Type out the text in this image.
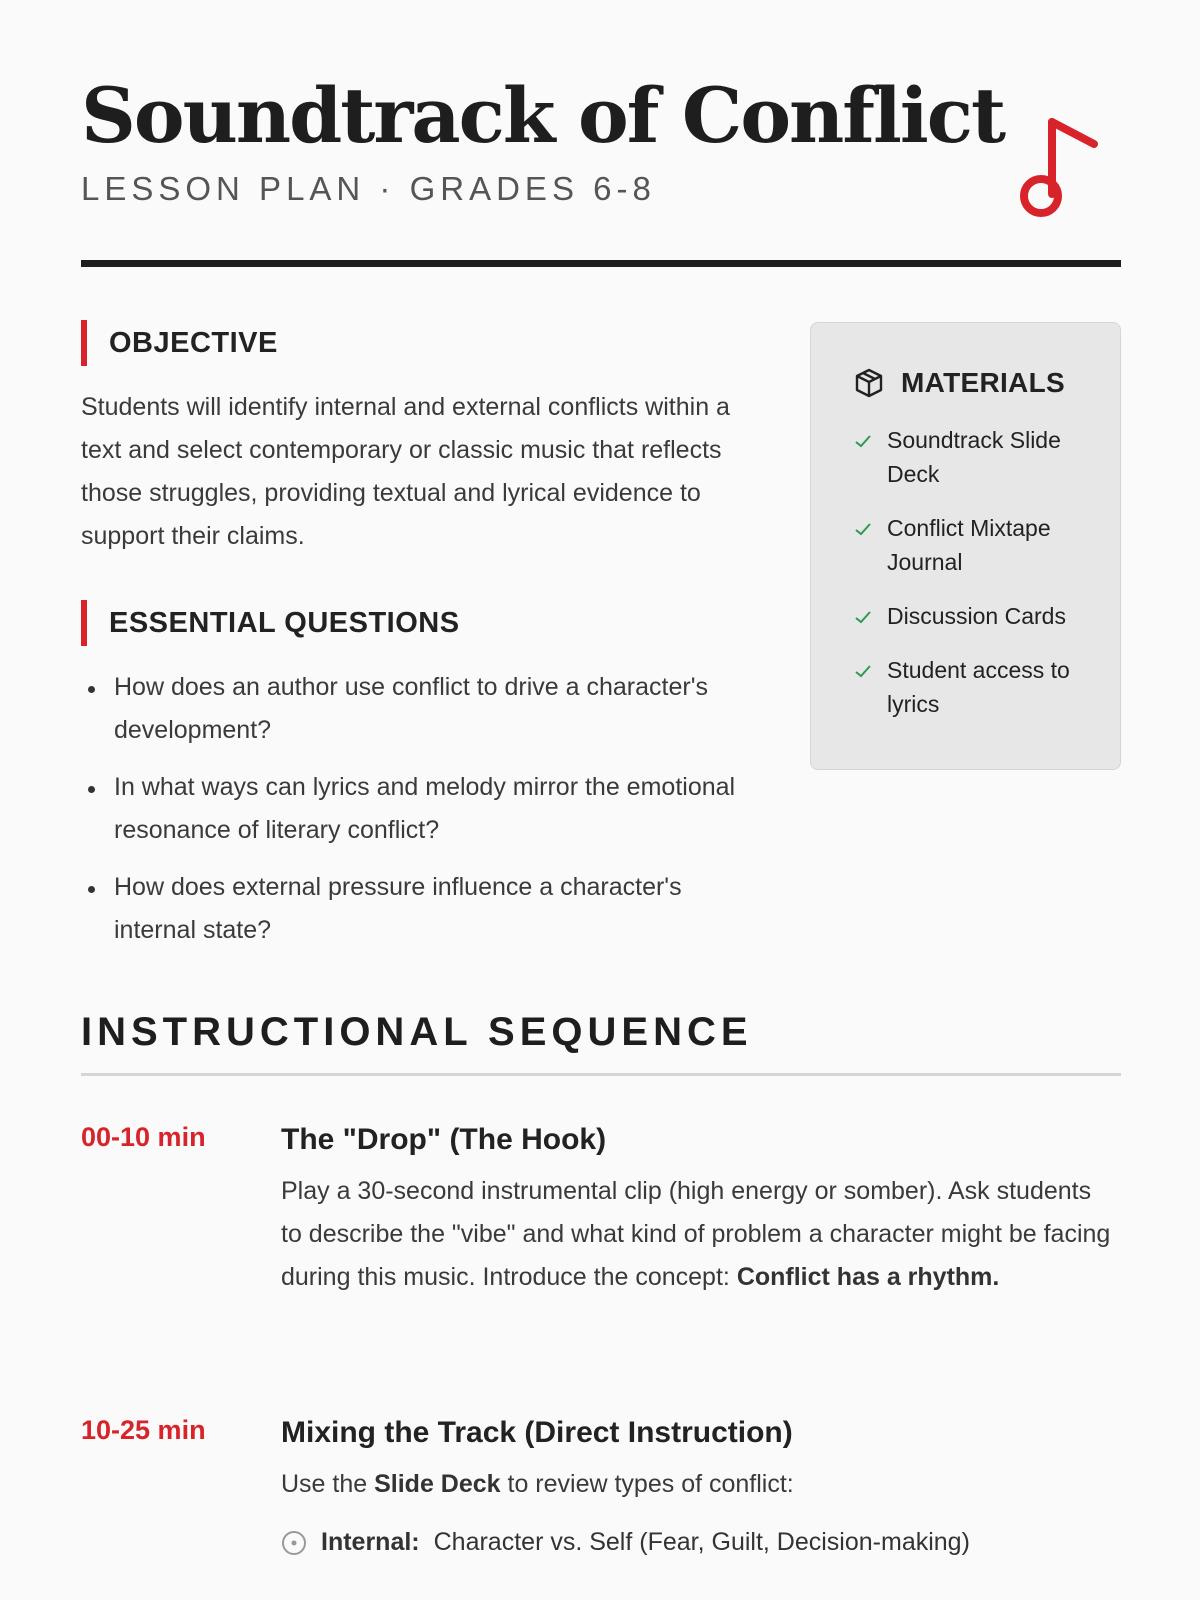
Soundtrack of Conflict
LESSON PLAN · GRADES 6-8
OBJECTIVE

Students will identify internal and external conflicts within a text and select contemporary or classic music that reflects those struggles, providing textual and lyrical evidence to support their claims.

ESSENTIAL QUESTIONS
How does an author use conflict to drive a character's development?
In what ways can lyrics and melody mirror the emotional resonance of literary conflict?
How does external pressure influence a character's internal state?
MATERIALS
Soundtrack Slide Deck
Conflict Mixtape Journal
Discussion Cards
Student access to lyrics
INSTRUCTIONAL SEQUENCE
00-10 min	The "Drop" (The Hook)

Play a 30-second instrumental clip (high energy or somber). Ask students to describe the "vibe" and what kind of problem a character might be facing during this music. Introduce the concept: Conflict has a rhythm.

10-25 min	Mixing the Track (Direct Instruction)

Use the Slide Deck to review types of conflict:

Internal: Character vs. Self (Fear, Guilt, Decision-making)
